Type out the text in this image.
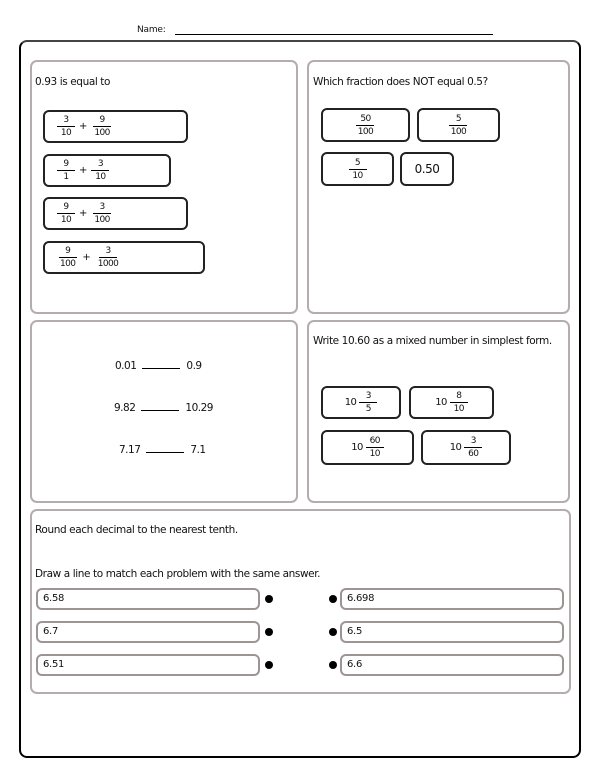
Name:
0.93 is equal to
$\frac{3}{10} + \frac{9}{100}$
$\frac{9}{1} + \frac{3}{10}$
$\frac{9}{10} + \frac{3}{100}$
$\frac{9}{100} + \frac{3}{1000}$
Which fraction does NOT equal 0.5?
$\frac{50}{100}$	$\frac{5}{100}$
$\frac{5}{10}$	0.50
0.01	0.9
9.82	10.29
7.17	7.1
Write 10.60 as a mixed number in simplest form.
$10 \frac{3}{5}$	$10 \frac{8}{10}$
$10 \frac{60}{10}$	$10 \frac{3}{60}$
Round each decimal to the nearest tenth.
Draw a line to match each problem with the same answer.
6.58
6.7
6.51
6.698
6.5
6.6
